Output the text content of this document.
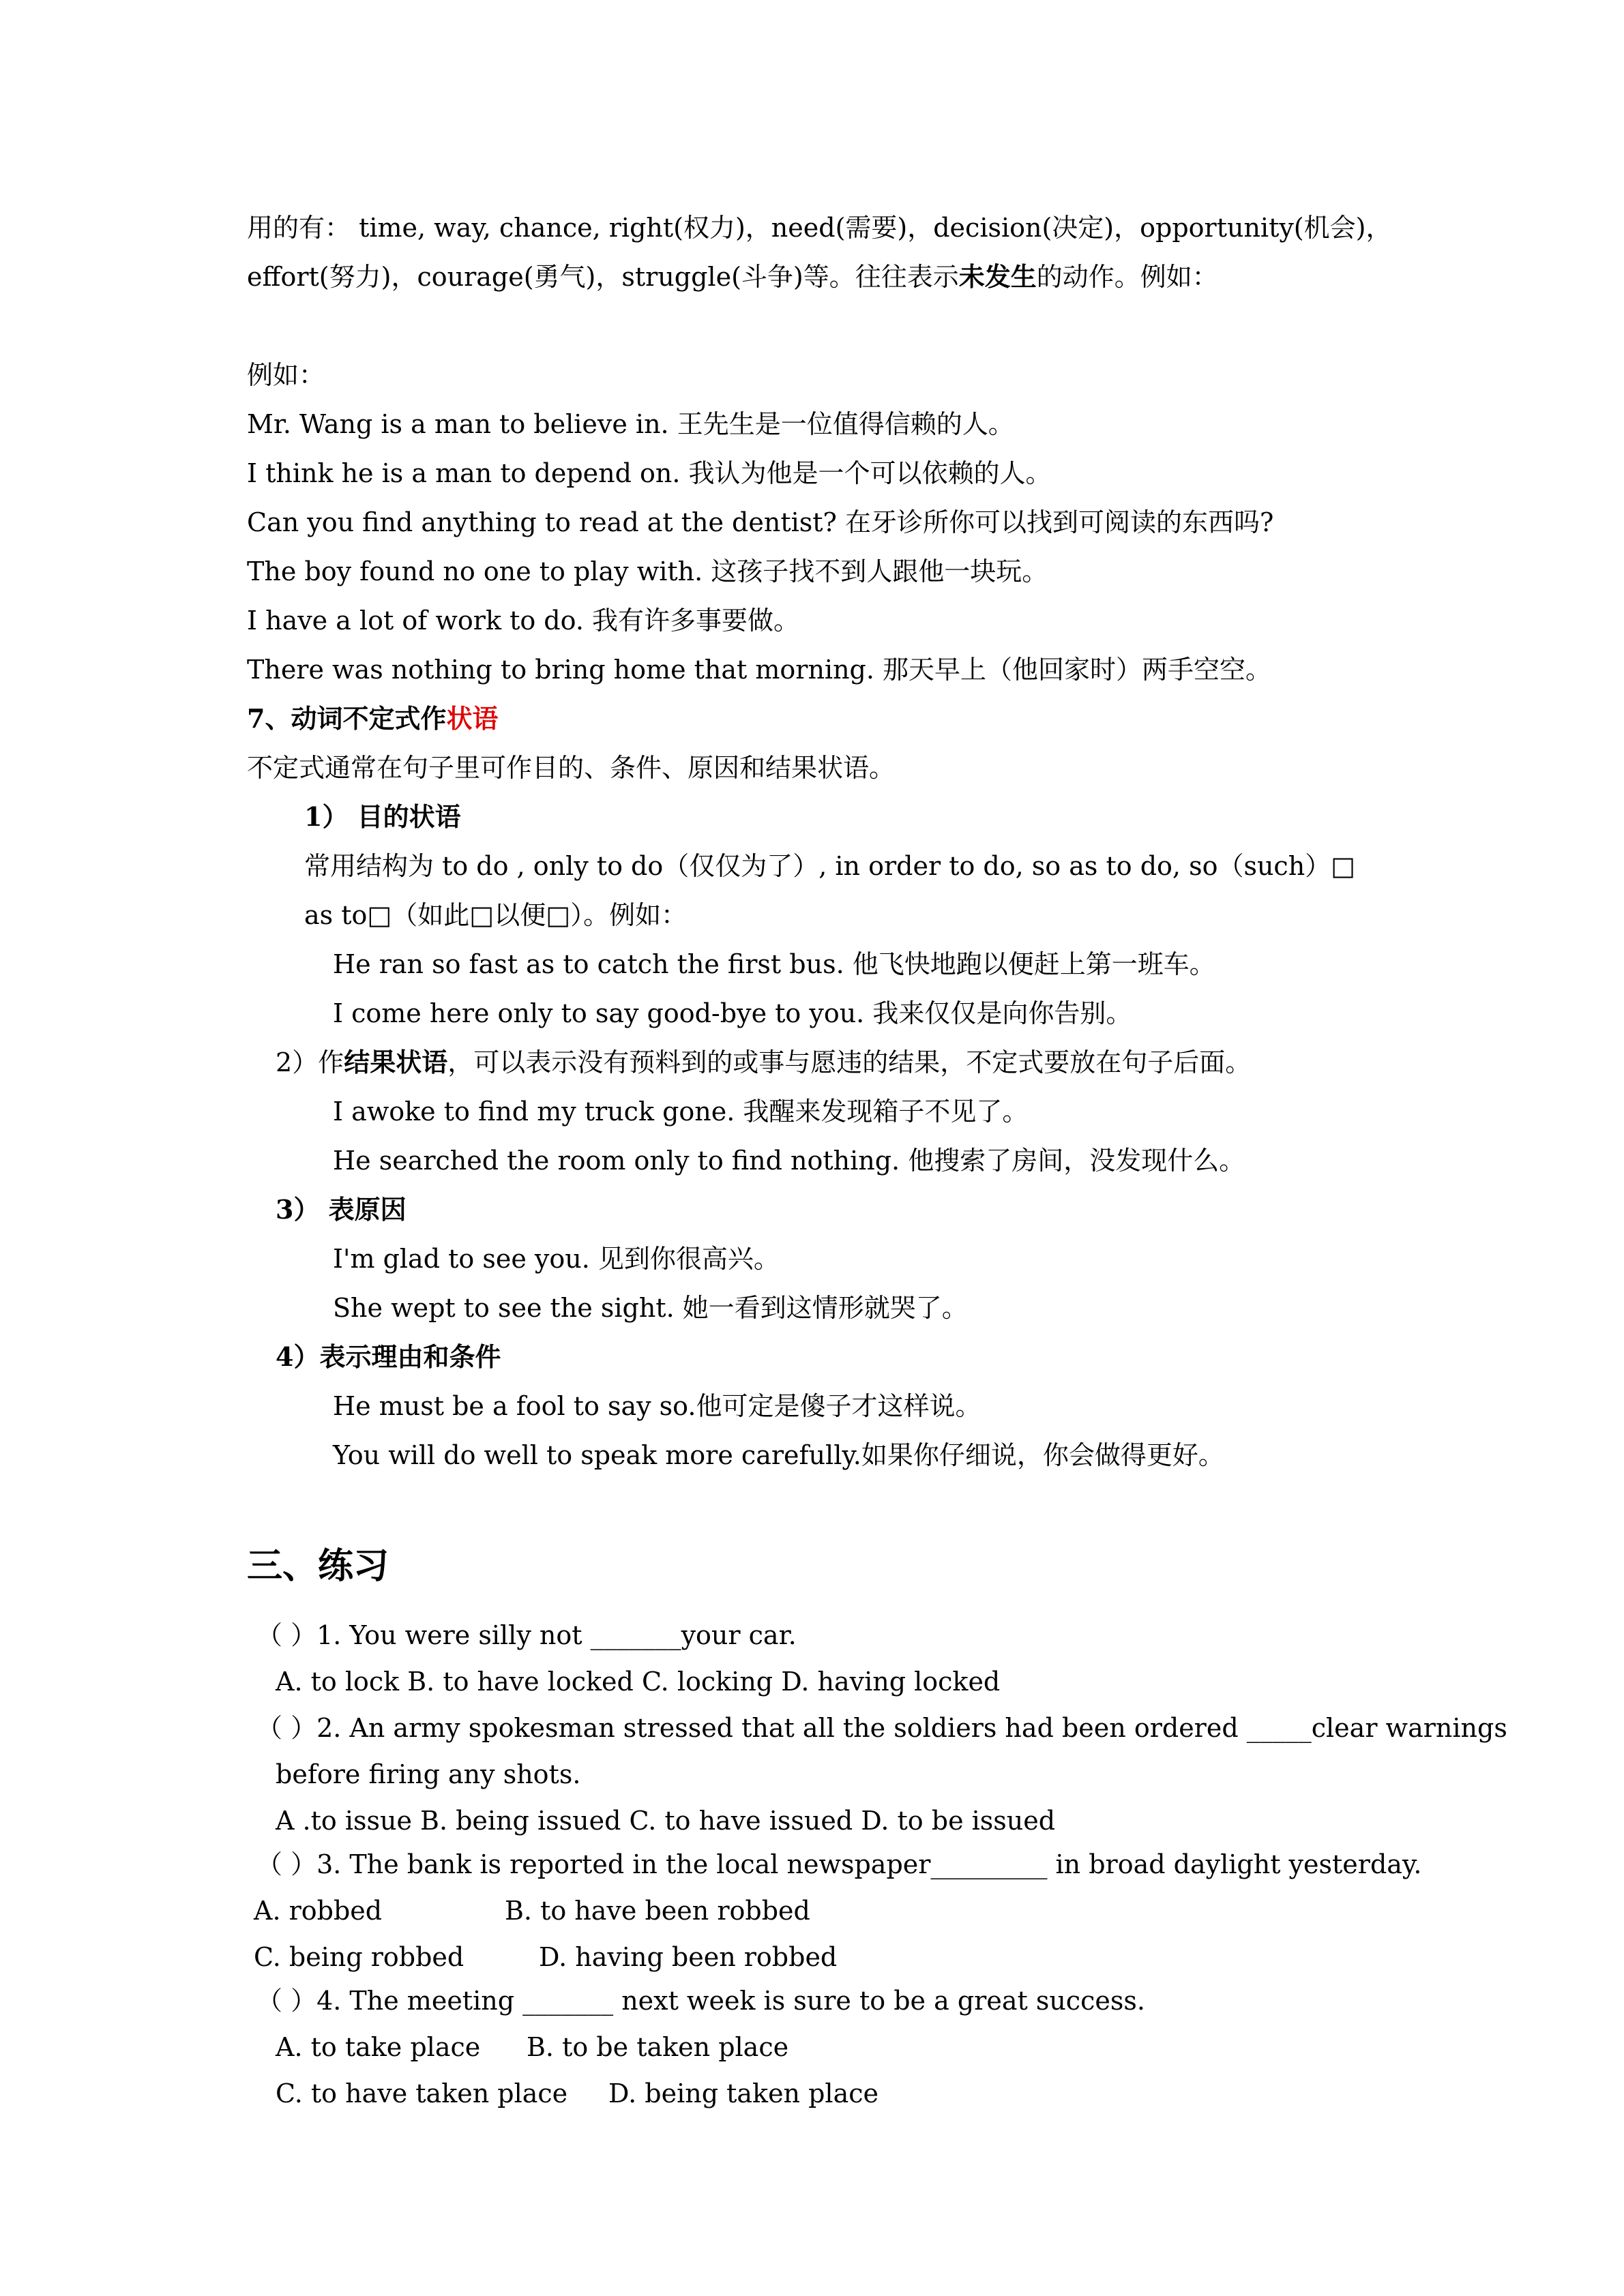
用的有： time, way, chance, right(权力)，need(需要)，decision(决定)，opportunity(机会)，
effort(努力)，courage(勇气)，struggle(斗争)等。往往表示未发生的动作。例如：
例如：
Mr. Wang is a man to believe in. 王先生是一位值得信赖的人。
I think he is a man to depend on. 我认为他是一个可以依赖的人。
Can you find anything to read at the dentist? 在牙诊所你可以找到可阅读的东西吗?
The boy found no one to play with. 这孩子找不到人跟他一块玩。
I have a lot of work to do. 我有许多事要做。
There was nothing to bring home that morning. 那天早上（他回家时）两手空空。
7、动词不定式作状语
不定式通常在句子里可作目的、条件、原因和结果状语。
1） 目的状语
常用结构为 to do , only to do（仅仅为了）, in order to do, so as to do, so（such）□
as to□（如此□以便□）。例如：
He ran so fast as to catch the first bus. 他飞快地跑以便赶上第一班车。
I come here only to say good-bye to you. 我来仅仅是向你告别。
2）作结果状语，可以表示没有预料到的或事与愿违的结果，不定式要放在句子后面。
I awoke to find my truck gone. 我醒来发现箱子不见了。
He searched the room only to find nothing. 他搜索了房间，没发现什么。
3） 表原因
I'm glad to see you. 见到你很高兴。
She wept to see the sight. 她一看到这情形就哭了。
4）表示理由和条件
He must be a fool to say so.他可定是傻子才这样说。
You will do well to speak more carefully.如果你仔细说，你会做得更好。
三、练习
（ ）1. You were silly not _______your car.
A. to lock B. to have locked C. locking D. having locked
（ ）2. An army spokesman stressed that all the soldiers had been ordered _____clear warnings
before firing any shots.
A .to issue B. being issued C. to have issued D. to be issued
（ ）3. The bank is reported in the local newspaper_________ in broad daylight yesterday.
A. robbed	B. to have been robbed
C. being robbed	D. having been robbed
（ ）4. The meeting _______ next week is sure to be a great success.
A. to take place B. to be taken place
C. to have taken place D. being taken place
